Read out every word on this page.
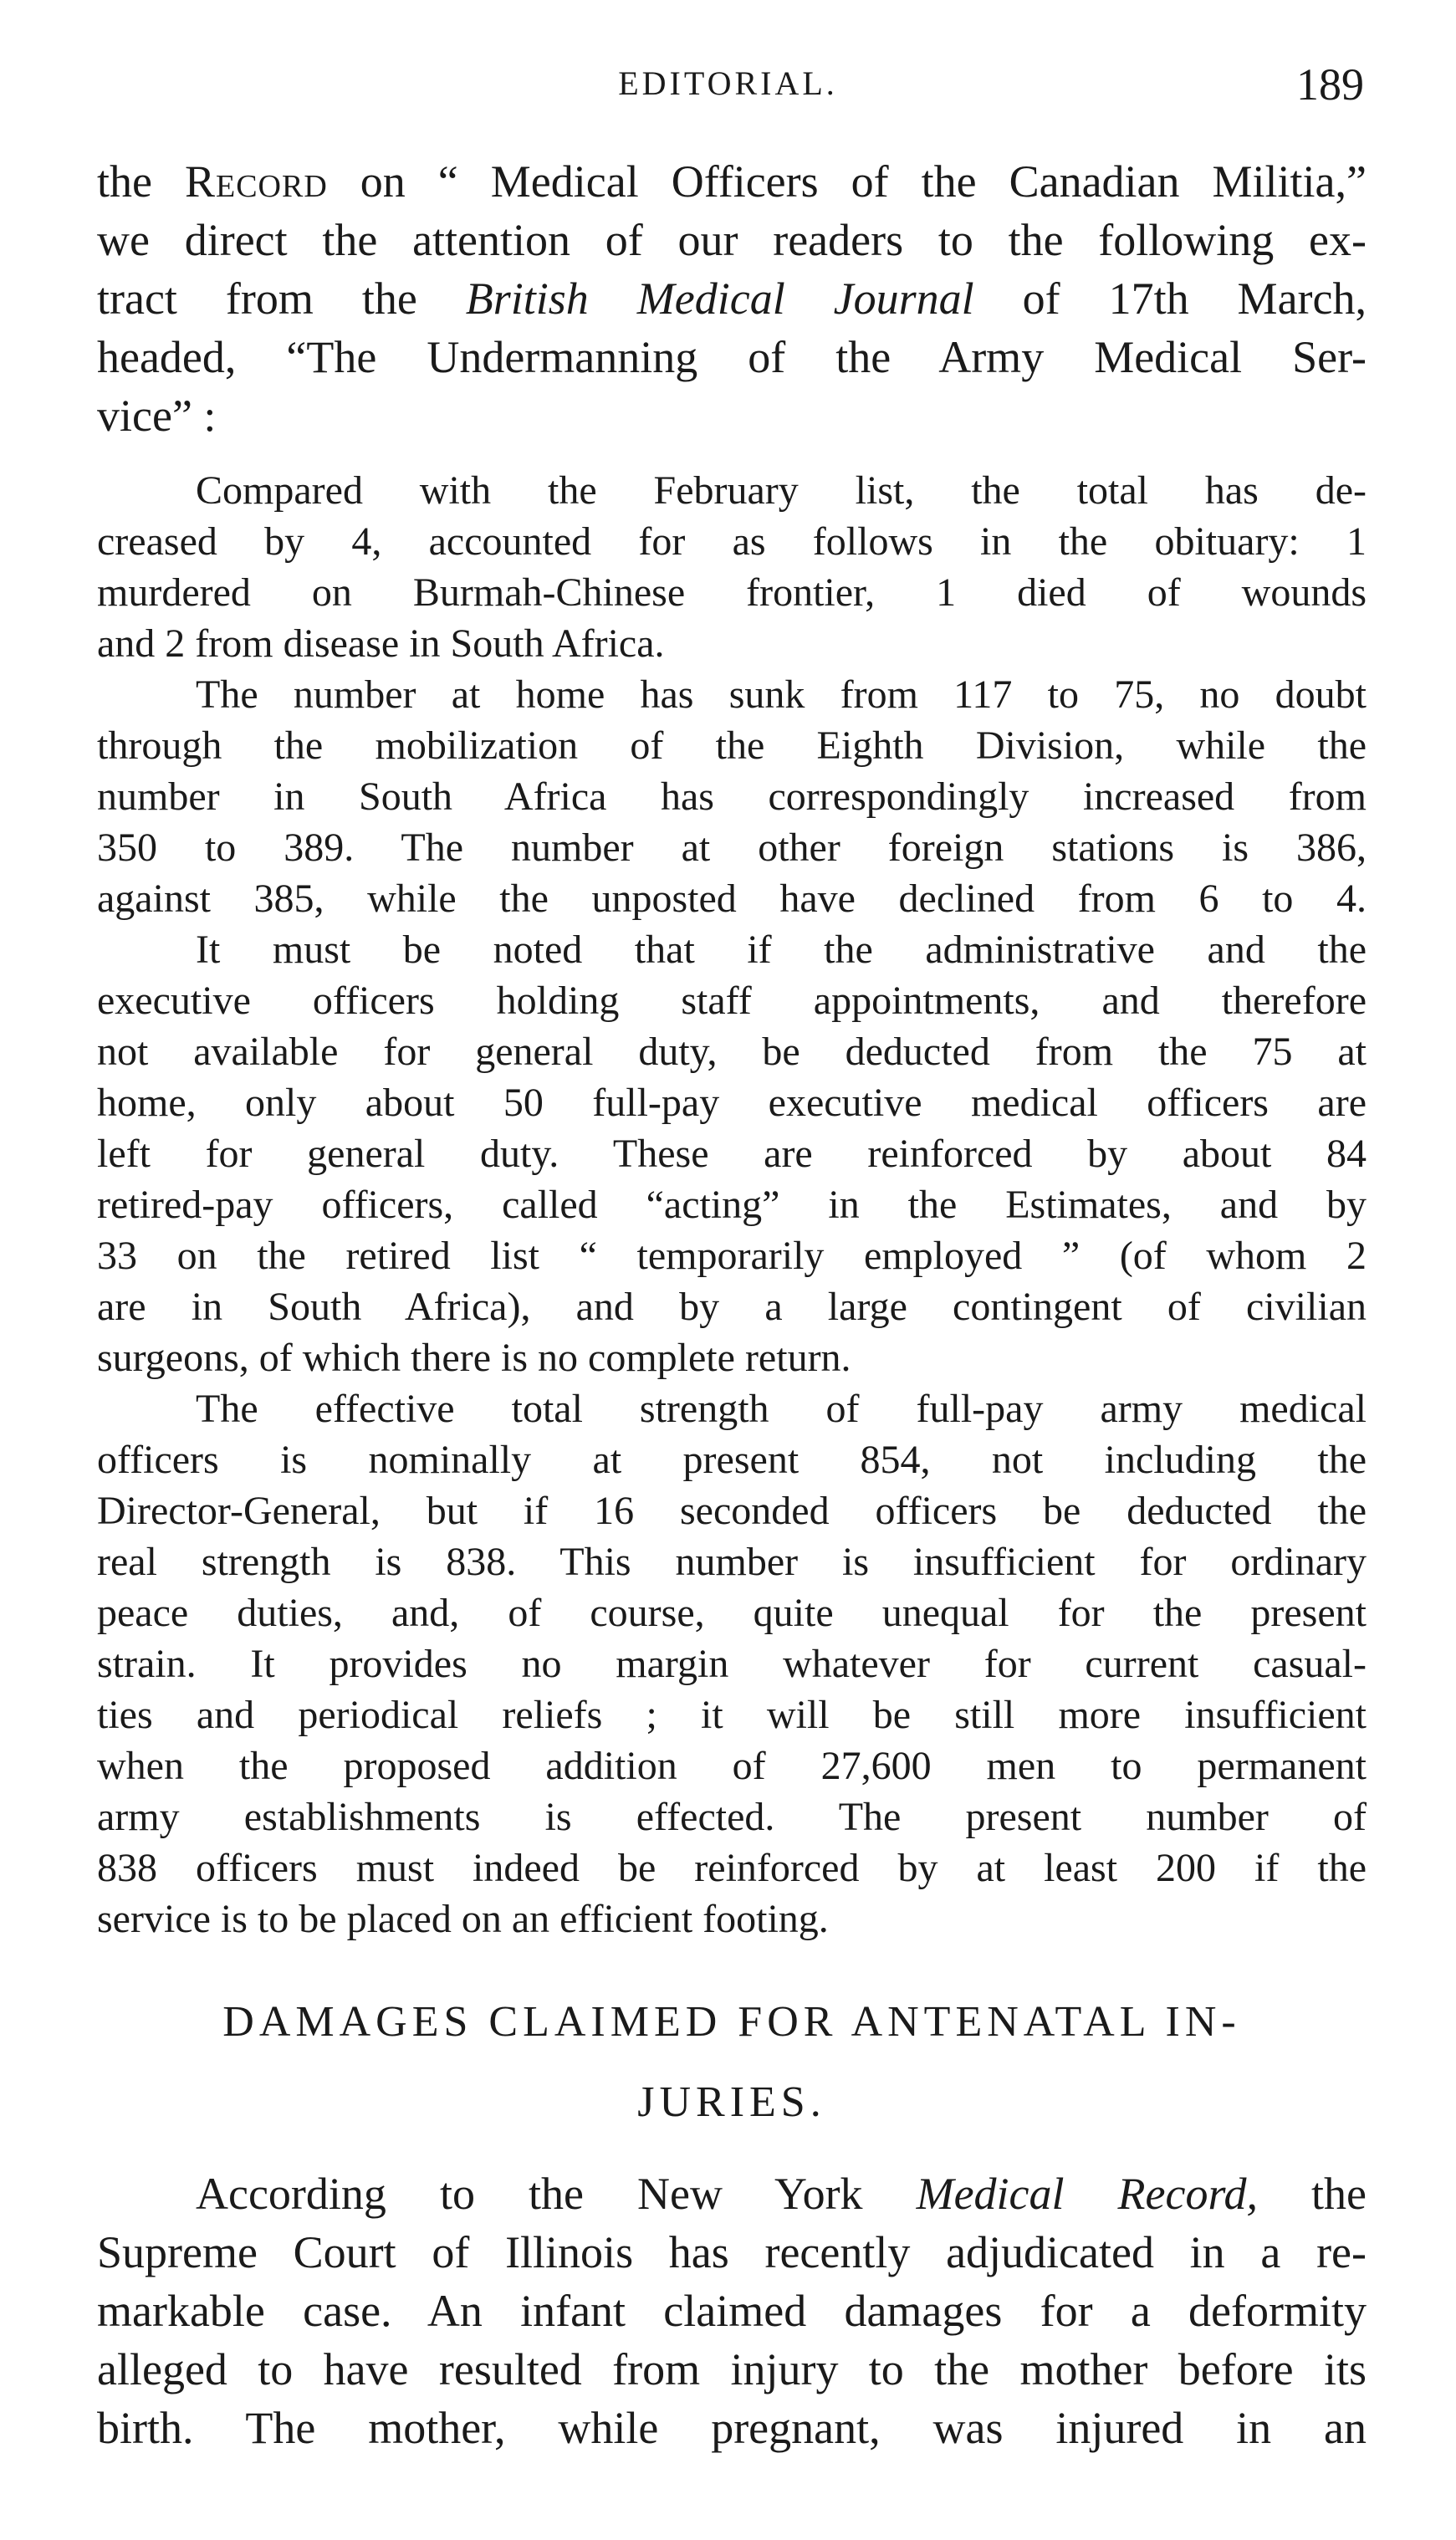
EDITORIAL.	189
the Record on “ Medical Officers of the Canadian Militia,”
we direct the attention of our readers to the following ex-
tract from the British Medical Journal of 17th March,
headed, “The Undermanning of the Army Medical Ser-
vice” :
Compared with the February list, the total has de-
creased by 4, accounted for as follows in the obituary: 1
murdered on Burmah-Chinese frontier, 1 died of wounds
and 2 from disease in South Africa.
The number at home has sunk from 117 to 75, no doubt
through the mobilization of the Eighth Division, while the
number in South Africa has correspondingly increased from
350 to 389. The number at other foreign stations is 386,
against 385, while the unposted have declined from 6 to 4.
It must be noted that if the administrative and the
executive officers holding staff appointments, and therefore
not available for general duty, be deducted from the 75 at
home, only about 50 full-pay executive medical officers are
left for general duty. These are reinforced by about 84
retired-pay officers, called “acting” in the Estimates, and by
33 on the retired list “ temporarily employed ” (of whom 2
are in South Africa), and by a large contingent of civilian
surgeons, of which there is no complete return.
The effective total strength of full-pay army medical
officers is nominally at present 854, not including the
Director-General, but if 16 seconded officers be deducted the
real strength is 838. This number is insufficient for ordinary
peace duties, and, of course, quite unequal for the present
strain. It provides no margin whatever for current casual-
ties and periodical reliefs ; it will be still more insufficient
when the proposed addition of 27,600 men to permanent
army establishments is effected. The present number of
838 officers must indeed be reinforced by at least 200 if the
service is to be placed on an efficient footing.
DAMAGES CLAIMED FOR ANTENATAL IN-
JURIES.
According to the New York Medical Record, the
Supreme Court of Illinois has recently adjudicated in a re-
markable case. An infant claimed damages for a deformity
alleged to have resulted from injury to the mother before its
birth. The mother, while pregnant, was injured in an
